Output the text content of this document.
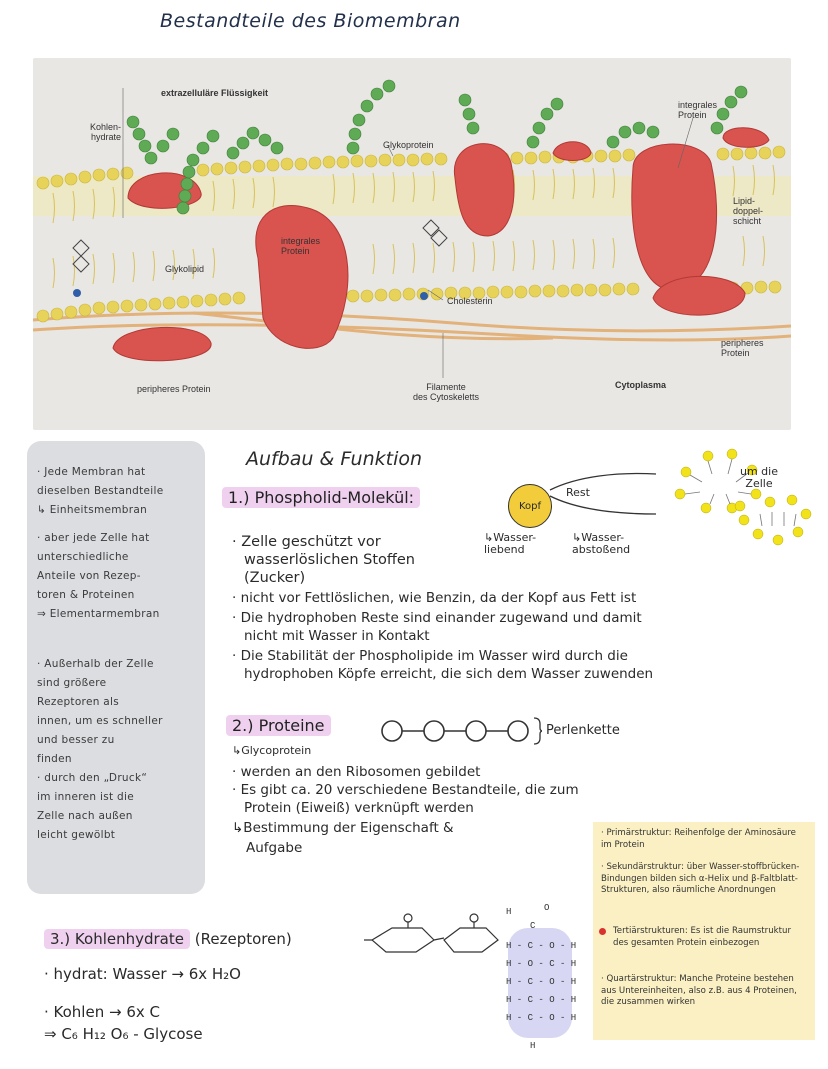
Bestandteile des Biomembran
extrazelluläre Flüssigkeit
Kohlen-
hydrate
Glykoprotein
integrales
Protein
Lipid-
doppel-
schicht
integrales
Protein
Glykolipid
Cholesterin
peripheres
Protein
peripheres Protein	Filamente
des Cytoskeletts
Cytoplasma
· Jede Membran hat
dieselben Bestandteile
↳ Einheitsmembran
· aber jede Zelle hat
unterschiedliche
Anteile von Rezep-
toren & Proteinen
⇒ Elementarmembran
· Außerhalb der Zelle
sind größere
Rezeptoren als
innen, um es schneller
und besser zu
finden
· durch den „Druck“
im inneren ist die
Zelle nach außen
leicht gewölbt
Aufbau & Funktion
1.) Phospholid-Molekül:	Kopf
Rest
↳Wasser-
liebend
↳Wasser-
abstoßend
um die
Zelle
· Zelle geschützt vor
wasserlöslichen Stoffen
(Zucker)
· nicht vor Fettlöslichen, wie Benzin, da der Kopf aus Fett ist
· Die hydrophoben Reste sind einander zugewand und damit
nicht mit Wasser in Kontakt
· Die Stabilität der Phospholipide im Wasser wird durch die
hydrophoben Köpfe erreicht, die sich dem Wasser zuwenden
2.) Proteine	Perlenkette
↳Glycoprotein
· werden an den Ribosomen gebildet
· Es gibt ca. 20 verschiedene Bestandteile, die zum
Protein (Eiweiß) verknüpft werden
↳Bestimmung der Eigenschaft &
Aufgabe
· Primärstruktur: Reihenfolge der Aminosäure im Protein
· Sekundärstruktur: über Wasser-stoffbrücken-Bindungen bilden sich α-Helix und β-Faltblatt-Strukturen, also räumliche Anordnungen
Tertiärstrukturen: Es ist die Raumstruktur des gesamten Protein einbezogen
· Quartärstruktur: Manche Proteine bestehen aus Untereinheiten, also z.B. aus 4 Proteinen, die zusammen wirken
3.) Kohlenhydrate (Rezeptoren)
H
C
O
H - C - O - H
H - O - C - H
H - C - O - H
H - C - O - H
H - C - O - H
H
· hydrat: Wasser → 6x H₂O
· Kohlen → 6x C
⇒ C₆ H₁₂ O₆ - Glycose
